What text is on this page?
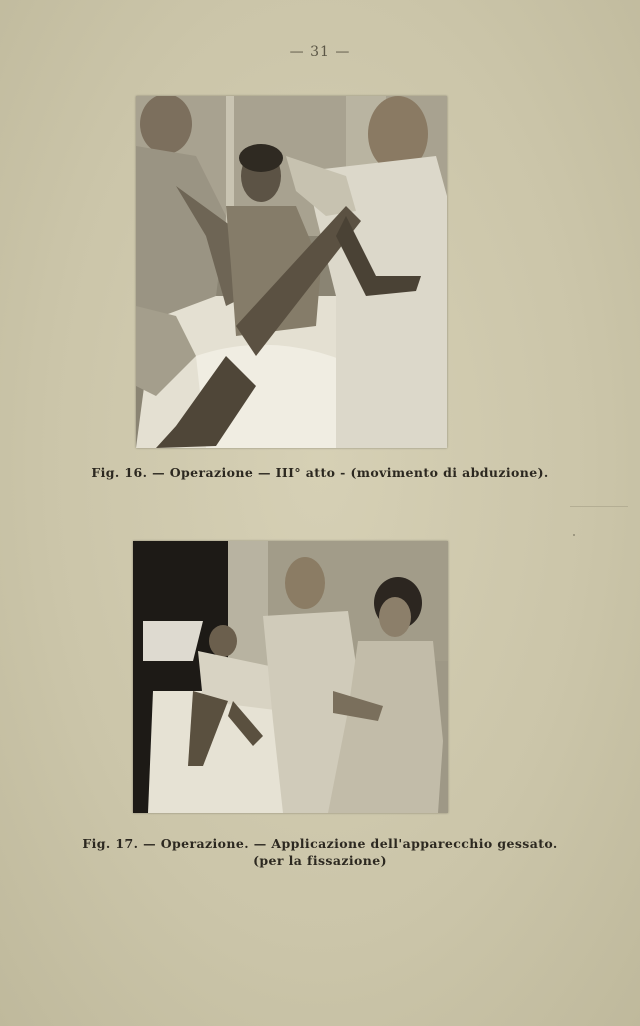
— 31 —
Fig. 16. — Operazione — III° atto - (movimento di abduzione).
Fig. 17. — Operazione. — Applicazione dell'apparecchio gessato.
(per la fissazione)
